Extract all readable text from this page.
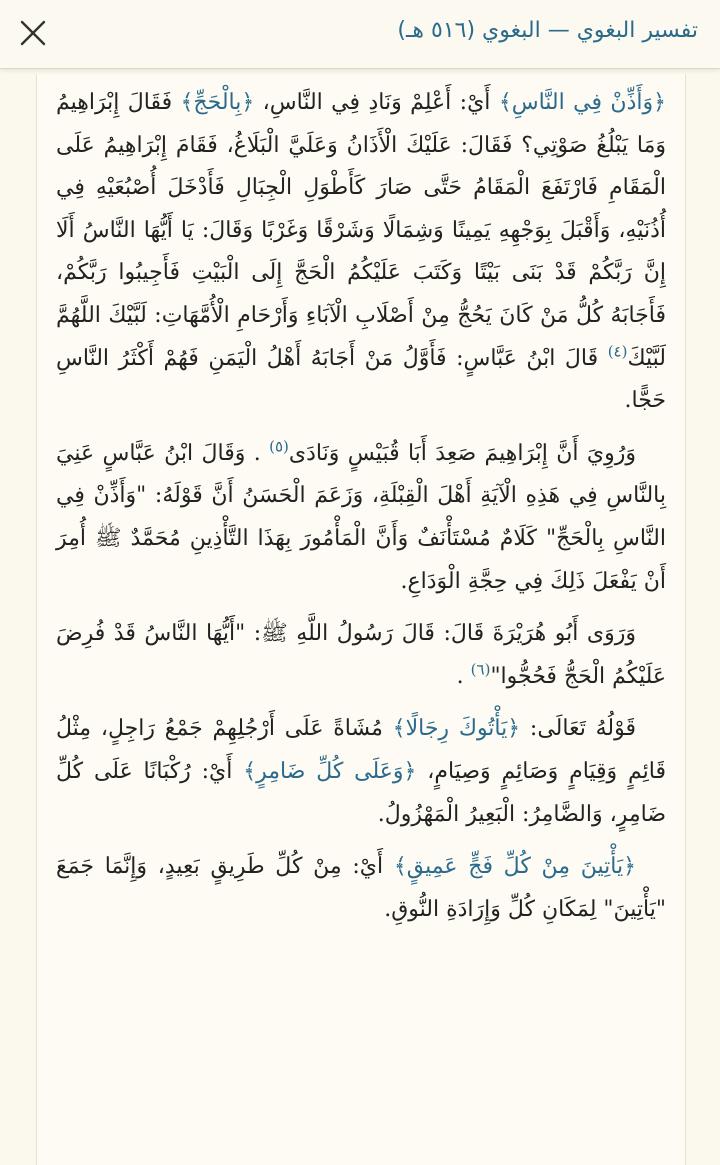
تفسير البغوي — البغوي (٥١٦ هـ)

﴿وَأَذِّنْ فِي النَّاسِ﴾ أَيْ: أَعْلِمْ وَنَادِ فِي النَّاسِ، ﴿بِالْحَجِّ﴾ فَقَالَ إِبْرَاهِيمُ وَمَا يَبْلُغُ صَوْتِي؟ فَقَالَ: عَلَيْكَ الْأَذَانُ وَعَلَيَّ الْبَلَاغُ، فَقَامَ إِبْرَاهِيمُ عَلَى الْمَقَامِ فَارْتَفَعَ الْمَقَامُ حَتَّى صَارَ كَأَطْوَلِ الْجِبَالِ فَأَدْخَلَ أُصْبُعَيْهِ فِي أُذُنَيْهِ، وَأَقْبَلَ بِوَجْهِهِ يَمِينًا وَشِمَالًا وَشَرْقًا وَغَرْبًا وَقَالَ: يَا أَيُّهَا النَّاسُ أَلَا إِنَّ رَبَّكُمْ قَدْ بَنَى بَيْتًا وَكَتَبَ عَلَيْكُمُ الْحَجَّ إِلَى الْبَيْتِ فَأَجِيبُوا رَبَّكُمْ، فَأَجَابَهُ كُلُّ مَنْ كَانَ يَحُجُّ مِنْ أَصْلَابِ الْآبَاءِ وَأَرْحَامِ الْأُمَّهَاتِ: لَبَّيْكَ اللَّهُمَّ لَبَّيْكَ$^{(٤)}$ قَالَ ابْنُ عَبَّاسٍ: فَأَوَّلُ مَنْ أَجَابَهُ أَهْلُ الْيَمَنِ فَهُمْ أَكْثَرُ النَّاسِ حَجًّا.

وَرُوِيَ أَنَّ إِبْرَاهِيمَ صَعِدَ أَبَا قُبَيْسٍ وَنَادَى$^{(٥)}$ . وَقَالَ ابْنُ عَبَّاسٍ عَنِيَ بِالنَّاسِ فِي هَذِهِ الْآيَةِ أَهْلَ الْقِبْلَةِ، وَزَعَمَ الْحَسَنُ أَنَّ قَوْلَهُ: "وَأَذِّنْ فِي النَّاسِ بِالْحَجِّ" كَلَامٌ مُسْتَأْنَفٌ وَأَنَّ الْمَأْمُورَ بِهَذَا التَّأْذِينِ مُحَمَّدٌ ﷺ أُمِرَ أَنْ يَفْعَلَ ذَلِكَ فِي حِجَّةِ الْوَدَاعِ.

وَرَوَى أَبُو هُرَيْرَةَ قَالَ: قَالَ رَسُولُ اللَّهِ ﷺ: "أَيُّهَا النَّاسُ قَدْ فُرِضَ عَلَيْكُمُ الْحَجُّ فَحُجُّوا"$^{(٦)}$ .

قَوْلُهُ تَعَالَى: ﴿يَأْتُوكَ رِجَالًا﴾ مُشَاةً عَلَى أَرْجُلِهِمْ جَمْعُ رَاجِلٍ، مِثْلُ قَائِمٍ وَقِيَامٍ وَصَائِمٍ وَصِيَامٍ، ﴿وَعَلَى كُلِّ ضَامِرٍ﴾ أَيْ: رُكْبَانًا عَلَى كُلِّ ضَامِرٍ، وَالضَّامِرُ: الْبَعِيرُ الْمَهْزُولُ.

﴿يَأْتِينَ مِنْ كُلِّ فَجٍّ عَمِيقٍ﴾ أَيْ: مِنْ كُلِّ طَرِيقٍ بَعِيدٍ، وَإِنَّمَا جَمَعَ "يَأْتِينَ" لِمَكَانِ كُلِّ وَإِرَادَةِ النُّوقِ.
